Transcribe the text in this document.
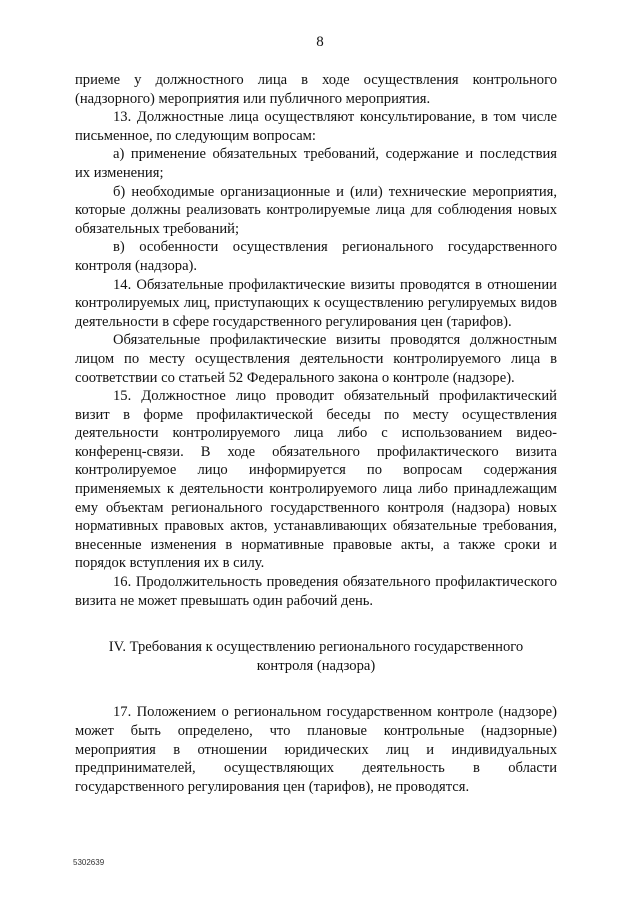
8

приеме у должностного лица в ходе осуществления контрольного (надзорного) мероприятия или публичного мероприятия.

13. Должностные лица осуществляют консультирование, в том числе письменное, по следующим вопросам:

а) применение обязательных требований, содержание и последствия их изменения;

б) необходимые организационные и (или) технические мероприятия, которые должны реализовать контролируемые лица для соблюдения новых обязательных требований;

в) особенности осуществления регионального государственного контроля (надзора).

14. Обязательные профилактические визиты проводятся в отношении контролируемых лиц, приступающих к осуществлению регулируемых видов деятельности в сфере государственного регулирования цен (тарифов).

Обязательные профилактические визиты проводятся должностным лицом по месту осуществления деятельности контролируемого лица в соответствии со статьей 52 Федерального закона о контроле (надзоре).

15. Должностное лицо проводит обязательный профилактический визит в форме профилактической беседы по месту осуществления деятельности контролируемого лица либо с использованием видео-конференц-связи. В ходе обязательного профилактического визита контролируемое лицо информируется по вопросам содержания применяемых к деятельности контролируемого лица либо принадлежащим ему объектам регионального государственного контроля (надзора) новых нормативных правовых актов, устанавливающих обязательные требования, внесенные изменения в нормативные правовые акты, а также сроки и порядок вступления их в силу.

16. Продолжительность проведения обязательного профилактического визита не может превышать один рабочий день.

IV. Требования к осуществлению регионального государственного контроля (надзора)

17. Положением о региональном государственном контроле (надзоре) может быть определено, что плановые контрольные (надзорные) мероприятия в отношении юридических лиц и индивидуальных предпринимателей, осуществляющих деятельность в области государственного регулирования цен (тарифов), не проводятся.

5302639
